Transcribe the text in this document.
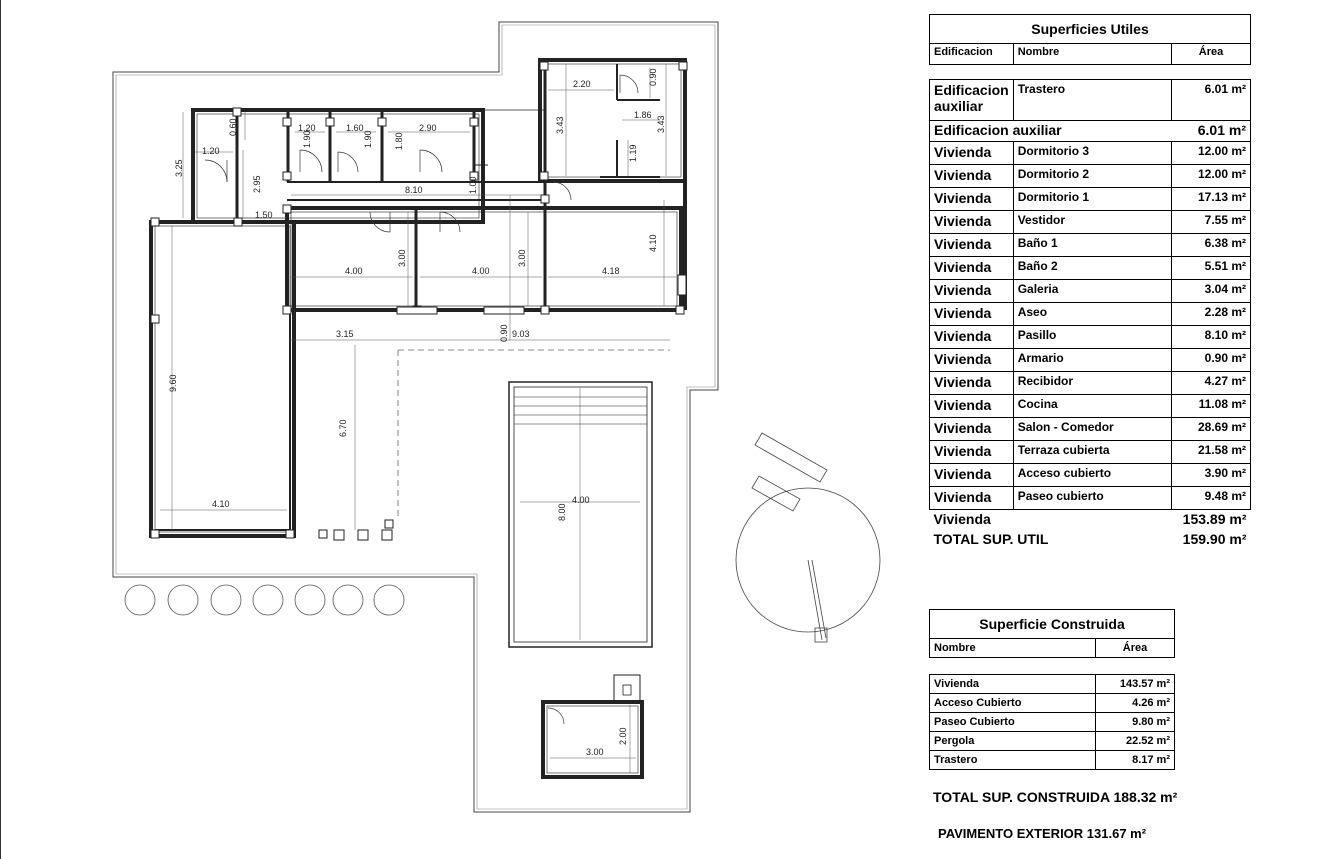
2.20	0.90
3.43
1.86
3.43
1.19
0.60	1.20	1.60	2.90
1.90	1.90 1.80
3.25
1.20
2.95	8.10	1.00
1.50
4.10
4.00
3.00
4.00
3.00
4.18
3.15	0.90 9.03
9.60
6.70
4.10	4.00
8.00
3.00
2.00
Superficies Utiles		
Edificacion	Nombre	Área

Edificacion auxiliar	Trastero	6.01 m²
Edificacion auxiliar		6.01 m²
Vivienda	Dormitorio 3	12.00 m²
Vivienda	Dormitorio 2	12.00 m²
Vivienda	Dormitorio 1	17.13 m²
Vivienda	Vestidor	7.55 m²
Vivienda	Baño 1	6.38 m²
Vivienda	Baño 2	5.51 m²
Vivienda	Galeria	3.04 m²
Vivienda	Aseo	2.28 m²
Vivienda	Pasillo	8.10 m²
Vivienda	Armario	0.90 m²
Vivienda	Recibidor	4.27 m²
Vivienda	Cocina	11.08 m²
Vivienda	Salon - Comedor	28.69 m²
Vivienda	Terraza cubierta	21.58 m²
Vivienda	Acceso cubierto	3.90 m²
Vivienda	Paseo cubierto	9.48 m²
Vivienda		153.89 m²
TOTAL SUP. UTIL		159.90 m²
Superficie Construida	
Nombre	Área

Vivienda	143.57 m²
Acceso Cubierto	4.26 m²
Paseo Cubierto	9.80 m²
Pergola	22.52 m²
Trastero	8.17 m²
TOTAL SUP. CONSTRUIDA 188.32 m²
PAVIMENTO EXTERIOR 131.67 m²
